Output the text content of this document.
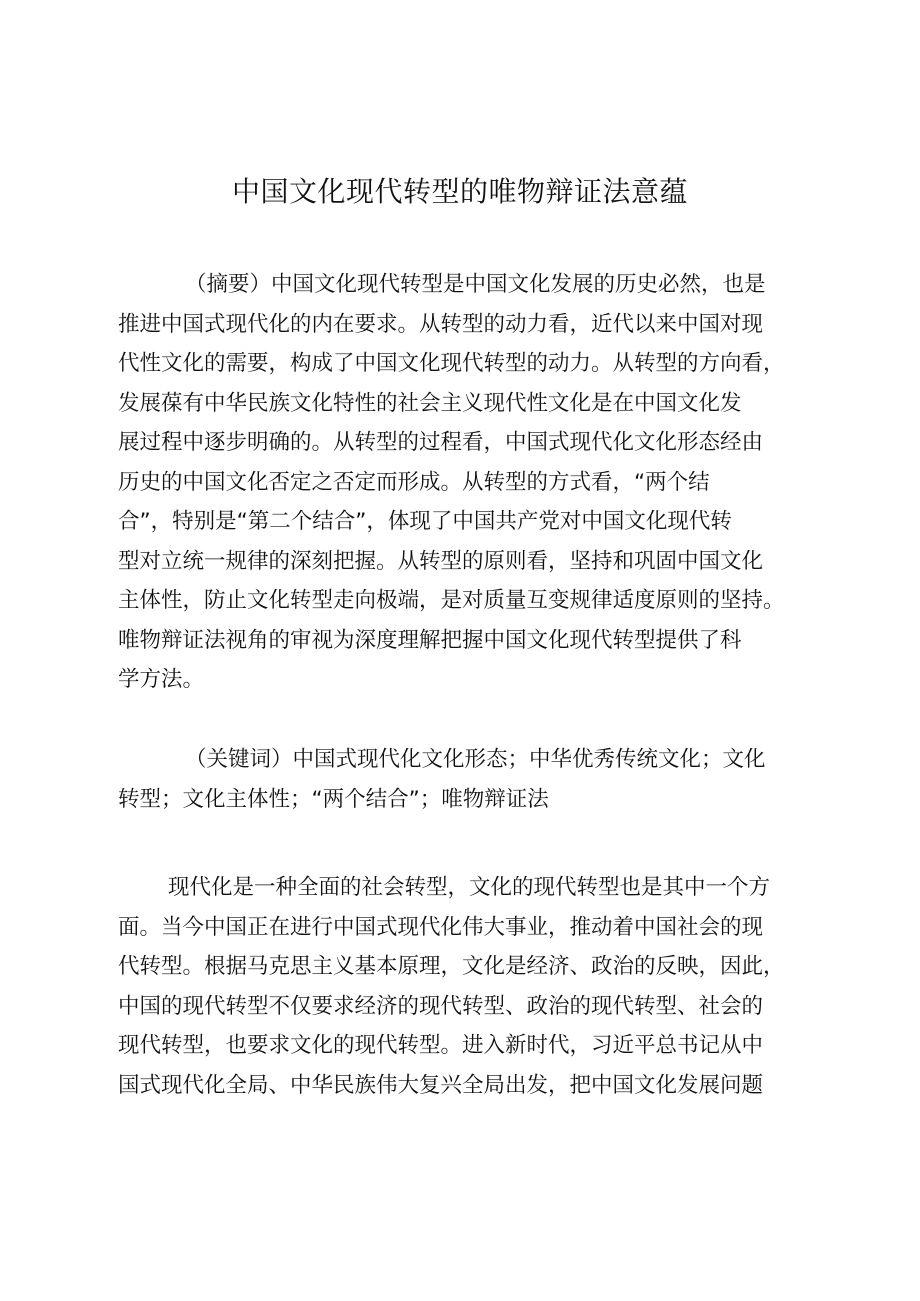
中国文化现代转型的唯物辩证法意蕴
（摘要）中国文化现代转型是中国文化发展的历史必然，也是
推进中国式现代化的内在要求。从转型的动力看，近代以来中国对现
代性文化的需要，构成了中国文化现代转型的动力。从转型的方向看，
发展葆有中华民族文化特性的社会主义现代性文化是在中国文化发
展过程中逐步明确的。从转型的过程看，中国式现代化文化形态经由
历史的中国文化否定之否定而形成。从转型的方式看，“两个结
合”，特别是“第二个结合”，体现了中国共产党对中国文化现代转
型对立统一规律的深刻把握。从转型的原则看，坚持和巩固中国文化
主体性，防止文化转型走向极端，是对质量互变规律适度原则的坚持。
唯物辩证法视角的审视为深度理解把握中国文化现代转型提供了科
学方法。
（关键词）中国式现代化文化形态；中华优秀传统文化；文化
转型；文化主体性；“两个结合”；唯物辩证法
现代化是一种全面的社会转型，文化的现代转型也是其中一个方
面。当今中国正在进行中国式现代化伟大事业，推动着中国社会的现
代转型。根据马克思主义基本原理，文化是经济、政治的反映，因此，
中国的现代转型不仅要求经济的现代转型、政治的现代转型、社会的
现代转型，也要求文化的现代转型。进入新时代，习近平总书记从中
国式现代化全局、中华民族伟大复兴全局出发，把中国文化发展问题
